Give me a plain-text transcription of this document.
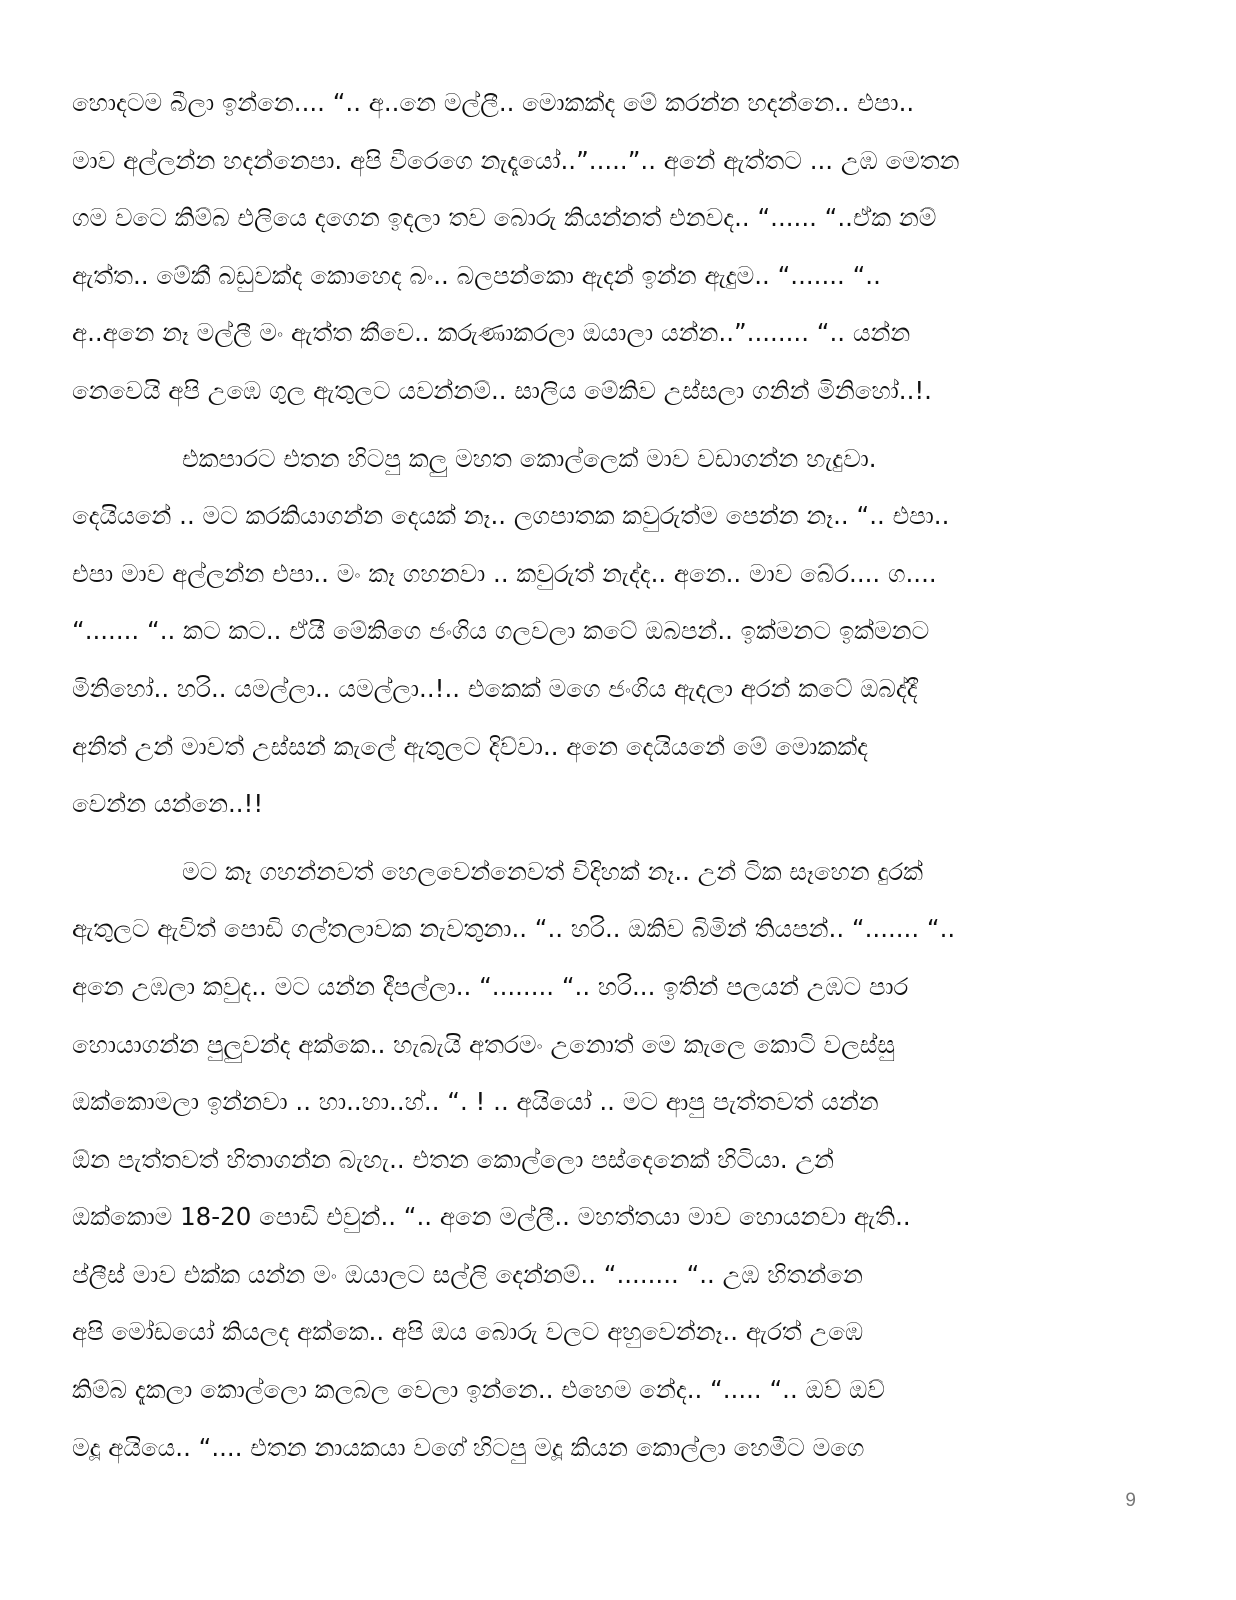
හොදටම බීලා ඉන්නෙ.... “.. අ..නෙ මල්ලී.. මොකක්ද මේ කරන්න හදන්නෙ.. එපා..
මාව අල්ලන්න හදන්නෙපා. අපි වීරෙගෙ නැදෑයෝ..”.....”.. අනේ ඇත්තට ... උඹ මෙතන
ගම වටෙ කිම්බ එලියෙ දගෙන ඉදලා තව බොරු කියන්නත් එනවද.. “...... “..ඒක නම්
ඇත්ත.. මේකී බඩුවක්ද කොහෙද බං.. බලපන්කො ඇදන් ඉන්න ඇදුම.. “....... “..
අ..අනෙ නෑ මල්ලී මං ඇත්ත කීවෙ.. කරුණාකරලා ඔයාලා යන්න..”........ “.. යන්න
නෙවෙයි අපි උඹෙ ගුල ඇතුලට යවන්නම්.. සාලිය මේකිව උස්සලා ගනින් මිනිහෝ..!.
එකපාරට එතන හිටපු කලු මහත කොල්ලෙක් මාව වඩාගන්න හැදුවා.
දෙයියනේ .. මට කරකියාගන්න දෙයක් නෑ.. ලගපාතක කවුරුත්ම පෙන්න නෑ.. “.. එපා..
එපා මාව අල්ලන්න එපා.. මං කෑ ගහනවා .. කවුරුත් නැද්ද.. අනෙ.. මාව බේර.... ග....
“....... “.. කට කට.. ඒයී මේකිගෙ ජංගිය ගලවලා කටේ ඔබපන්.. ඉක්මනට ඉක්මනට
මිනිහෝ.. හරි.. යමල්ලා.. යමල්ලා..!.. එකෙක් මගෙ ජංගිය ඇදලා අරන් කටේ ඔබද්දී
අනිත් උන් මාවත් උස්සන් කැලේ ඇතුලට දිව්වා.. අනෙ දෙයියනේ මේ මොකක්ද
වෙන්න යන්නෙ..!!
මට කෑ ගහන්නවත් හෙලවෙන්නෙවත් විදිහක් නෑ.. උන් ටික සෑහෙන දුරක්
ඇතුලට ඇවිත් පොඩි ගල්තලාවක නැවතුනා.. “.. හරි.. ඔකිව බිමින් තියපන්.. “....... “..
අනෙ උඹලා කවුද.. මට යන්න දීපල්ලා.. “........ “.. හරි... ඉතින් පලයන් උඹට පාර
හොයාගන්න පුලුවන්ද අක්කෙ.. හැබැයි අතරමං උනොත් මෙ කැලෙ කොටි වලස්සු
ඔක්කොමලා ඉන්නවා .. හා..හා..හ්.. “. ! .. අයියෝ .. මට ආපු පැත්තවත් යන්න
ඕන පැත්තවත් හිතාගන්න බැහැ.. එතන කොල්ලො පස්දෙනෙක් හිටියා. උන්
ඔක්කොම 18-20 පොඩි එවුන්.. “.. අනෙ මල්ලී.. මහත්තයා මාව හොයනවා ඇති..
ප්ලීස් මාව එක්ක යන්න මං ඔයාලට සල්ලි දෙන්නම්.. “........ “.. උඹ හිතන්නෙ
අපි මෝඩයෝ කියලද අක්කෙ.. අපි ඔය බොරු වලට අහුවෙන්නෑ.. ඇරත් උඹෙ
කිම්බ දැකලා කොල්ලො කලබල වෙලා ඉන්නෙ.. එහෙම නේද.. “..... “.. ඔව් ඔව්
මදූ අයියෙ.. “.... එතන නායකයා වගේ හිටපු මදූ කියන කොල්ලා හෙමීට මගෙ
9
